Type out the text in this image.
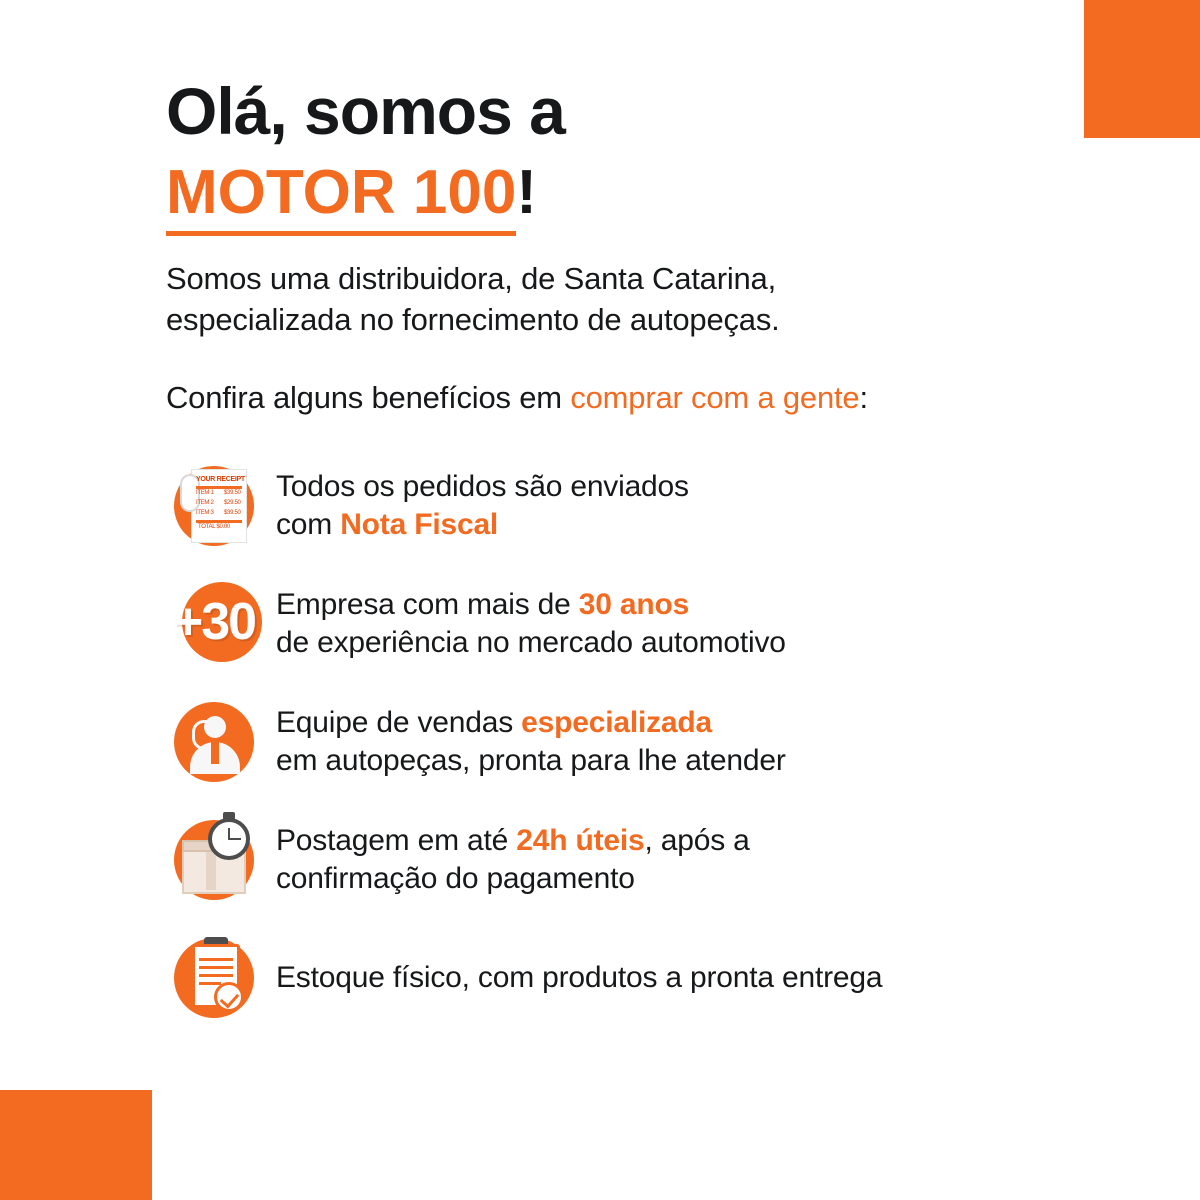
Olá, somos a
MOTOR 100!

Somos uma distribuidora, de Santa Catarina,
especializada no fornecimento de autopeças.

Confira alguns benefícios em comprar com a gente:

YOUR RECEIPT
ITEM 1 $39.50
ITEM 2 $29.50
ITEM 3 $39.50
TOTAL $0.00
Todos os pedidos são enviados
com Nota Fiscal
+30 Empresa com mais de 30 anos
de experiência no mercado automotivo
Equipe de vendas especializada
em autopeças, pronta para lhe atender
Postagem em até 24h úteis, após a
confirmação do pagamento
Estoque físico, com produtos a pronta entrega
